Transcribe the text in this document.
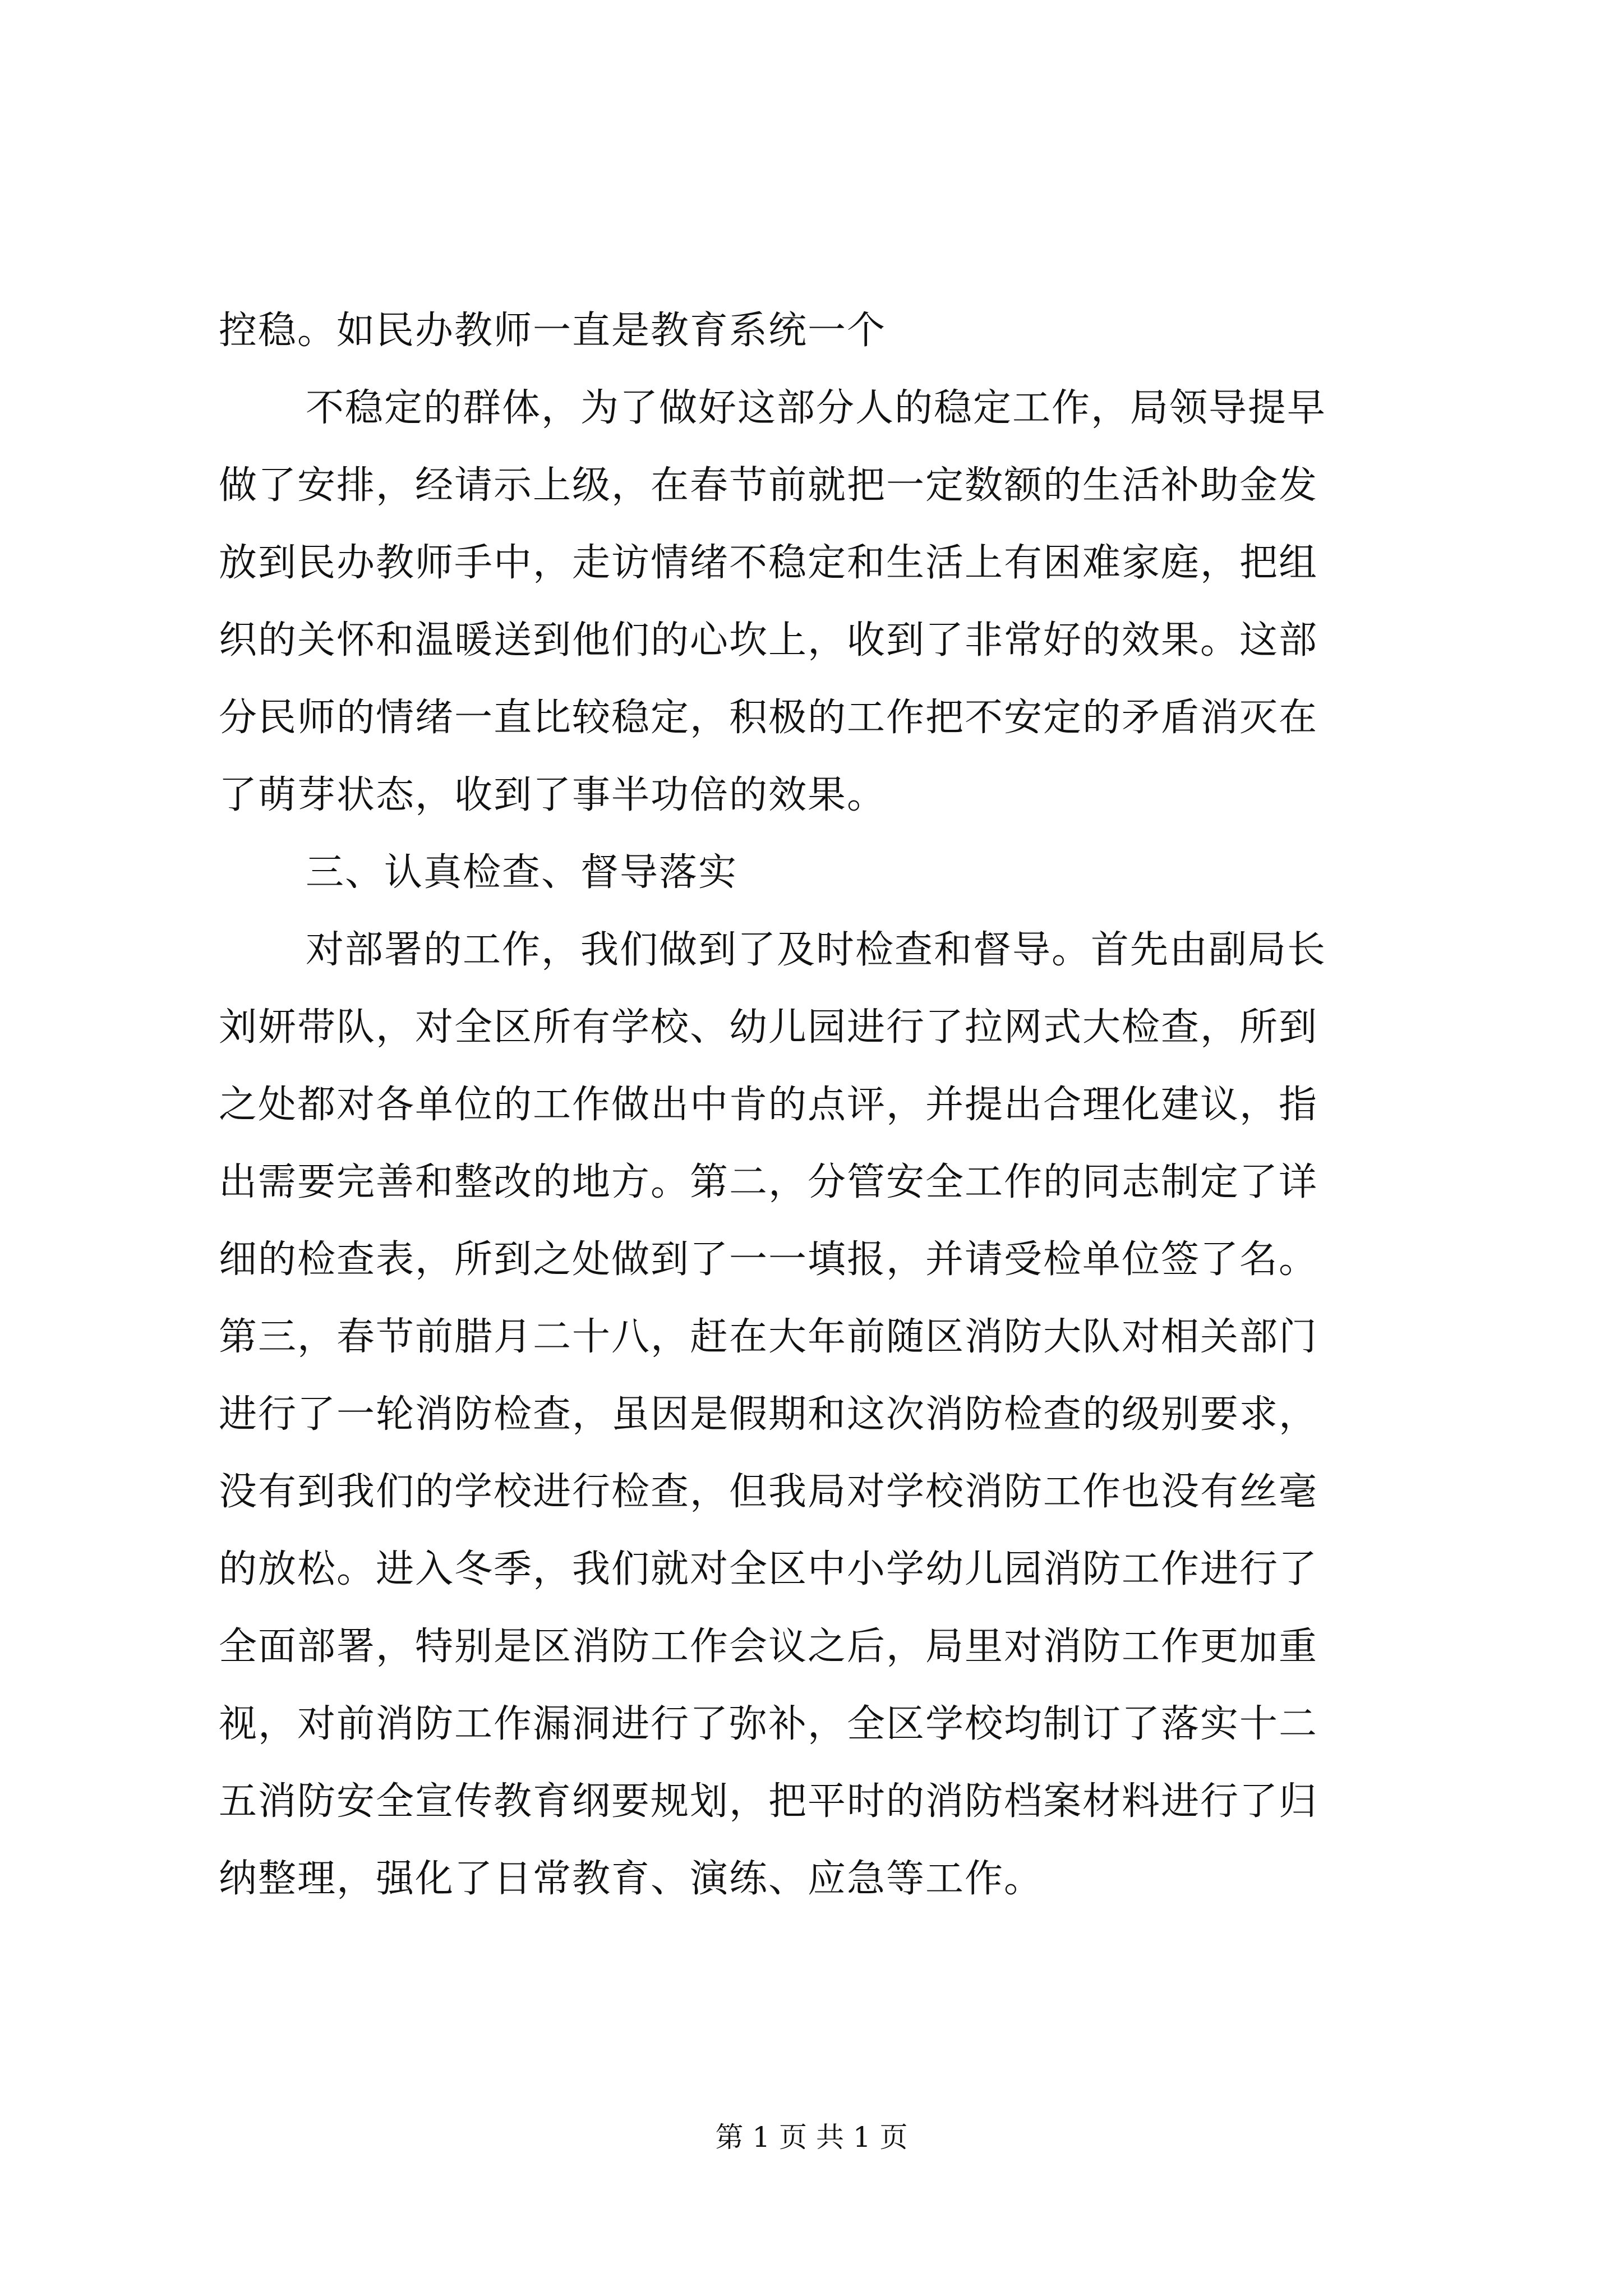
控稳。如民办教师一直是教育系统一个
不稳定的群体，为了做好这部分人的稳定工作，局领导提早
做了安排，经请示上级，在春节前就把一定数额的生活补助金发
放到民办教师手中，走访情绪不稳定和生活上有困难家庭，把组
织的关怀和温暖送到他们的心坎上，收到了非常好的效果。这部
分民师的情绪一直比较稳定，积极的工作把不安定的矛盾消灭在
了萌芽状态，收到了事半功倍的效果。
三、认真检查、督导落实
对部署的工作，我们做到了及时检查和督导。首先由副局长
刘妍带队，对全区所有学校、幼儿园进行了拉网式大检查，所到
之处都对各单位的工作做出中肯的点评，并提出合理化建议，指
出需要完善和整改的地方。第二，分管安全工作的同志制定了详
细的检查表，所到之处做到了一一填报，并请受检单位签了名。
第三，春节前腊月二十八，赶在大年前随区消防大队对相关部门
进行了一轮消防检查，虽因是假期和这次消防检查的级别要求，
没有到我们的学校进行检查，但我局对学校消防工作也没有丝毫
的放松。进入冬季，我们就对全区中小学幼儿园消防工作进行了
全面部署，特别是区消防工作会议之后，局里对消防工作更加重
视，对前消防工作漏洞进行了弥补，全区学校均制订了落实十二
五消防安全宣传教育纲要规划，把平时的消防档案材料进行了归
纳整理，强化了日常教育、演练、应急等工作。
第 1 页 共 1 页
